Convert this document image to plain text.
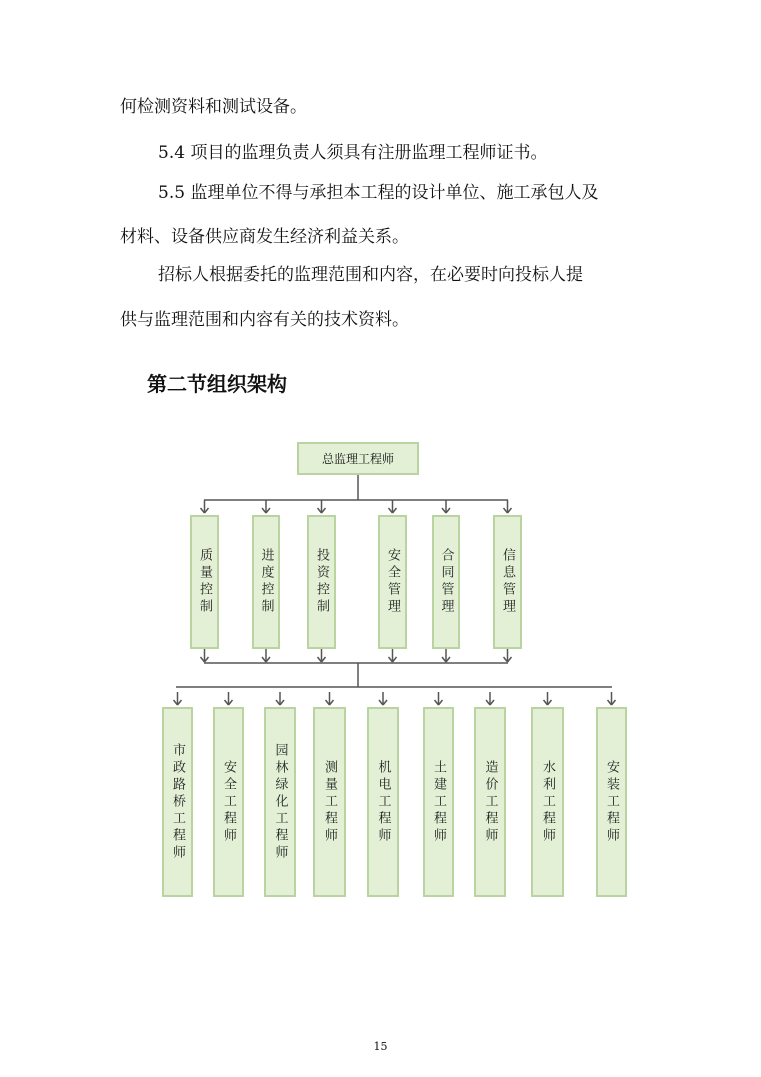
何检测资料和测试设备。
5.4 项目的监理负责人须具有注册监理工程师证书。
5.5 监理单位不得与承担本工程的设计单位、施工承包人及
材料、设备供应商发生经济利益关系。
招标人根据委托的监理范围和内容，在必要时向投标人提
供与监理范围和内容有关的技术资料。
第二节组织架构
总监理工程师
质量控制	进度控制	投资控制	安全管理	合同管理	信息管理
市政路桥工程师	安全工程师	园林绿化工程师	测量工程师	机电工程师	土建工程师	造价工程师	水利工程师	安装工程师
15
